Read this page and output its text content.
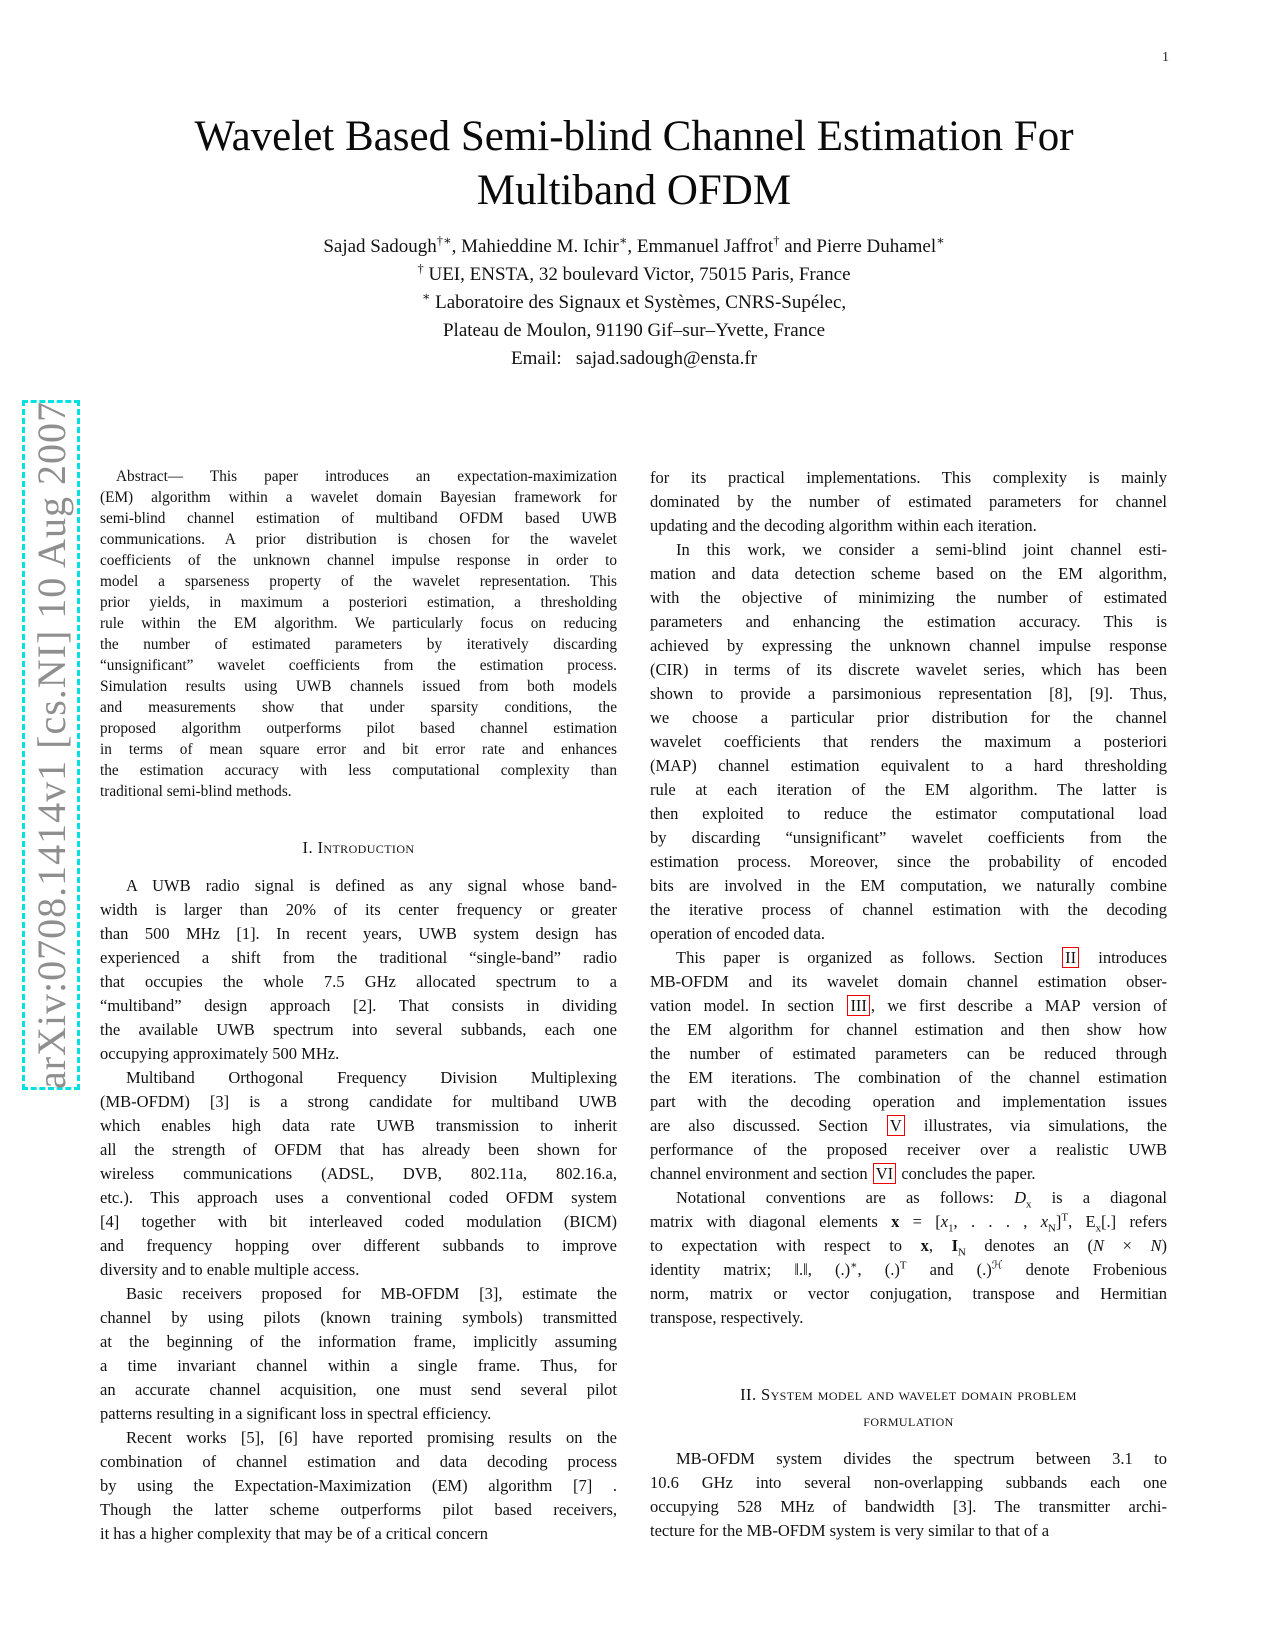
1
arXiv:0708.1414v1 [cs.NI] 10 Aug 2007
Wavelet Based Semi-blind Channel Estimation For
Multiband OFDM
Sajad Sadough†∗, Mahieddine M. Ichir∗, Emmanuel Jaffrot† and Pierre Duhamel∗
† UEI, ENSTA, 32 boulevard Victor, 75015 Paris, France
∗ Laboratoire des Signaux et Systèmes, CNRS-Supélec,
Plateau de Moulon, 91190 Gif–sur–Yvette, France
Email:   sajad.sadough@ensta.fr
Abstract— This paper introduces an expectation-maximization
(EM) algorithm within a wavelet domain Bayesian framework for
semi-blind channel estimation of multiband OFDM based UWB
communications. A prior distribution is chosen for the wavelet
coefficients of the unknown channel impulse response in order to
model a sparseness property of the wavelet representation. This
prior yields, in maximum a posteriori estimation, a thresholding
rule within the EM algorithm. We particularly focus on reducing
the number of estimated parameters by iteratively discarding
“unsignificant” wavelet coefficients from the estimation process.
Simulation results using UWB channels issued from both models
and measurements show that under sparsity conditions, the
proposed algorithm outperforms pilot based channel estimation
in terms of mean square error and bit error rate and enhances
the estimation accuracy with less computational complexity than
traditional semi-blind methods.
I. Introduction
A UWB radio signal is defined as any signal whose band-
width is larger than 20% of its center frequency or greater
than 500 MHz [1]. In recent years, UWB system design has
experienced a shift from the traditional “single-band” radio
that occupies the whole 7.5 GHz allocated spectrum to a
“multiband” design approach [2]. That consists in dividing
the available UWB spectrum into several subbands, each one
occupying approximately 500 MHz.
Multiband Orthogonal Frequency Division Multiplexing
(MB-OFDM) [3] is a strong candidate for multiband UWB
which enables high data rate UWB transmission to inherit
all the strength of OFDM that has already been shown for
wireless communications (ADSL, DVB, 802.11a, 802.16.a,
etc.). This approach uses a conventional coded OFDM system
[4] together with bit interleaved coded modulation (BICM)
and frequency hopping over different subbands to improve
diversity and to enable multiple access.
Basic receivers proposed for MB-OFDM [3], estimate the
channel by using pilots (known training symbols) transmitted
at the beginning of the information frame, implicitly assuming
a time invariant channel within a single frame. Thus, for
an accurate channel acquisition, one must send several pilot
patterns resulting in a significant loss in spectral efficiency.
Recent works [5], [6] have reported promising results on the
combination of channel estimation and data decoding process
by using the Expectation-Maximization (EM) algorithm [7] .
Though the latter scheme outperforms pilot based receivers,
it has a higher complexity that may be of a critical concern
for its practical implementations. This complexity is mainly
dominated by the number of estimated parameters for channel
updating and the decoding algorithm within each iteration.
In this work, we consider a semi-blind joint channel esti-
mation and data detection scheme based on the EM algorithm,
with the objective of minimizing the number of estimated
parameters and enhancing the estimation accuracy. This is
achieved by expressing the unknown channel impulse response
(CIR) in terms of its discrete wavelet series, which has been
shown to provide a parsimonious representation [8], [9]. Thus,
we choose a particular prior distribution for the channel
wavelet coefficients that renders the maximum a posteriori
(MAP) channel estimation equivalent to a hard thresholding
rule at each iteration of the EM algorithm. The latter is
then exploited to reduce the estimator computational load
by discarding “unsignificant” wavelet coefficients from the
estimation process. Moreover, since the probability of encoded
bits are involved in the EM computation, we naturally combine
the iterative process of channel estimation with the decoding
operation of encoded data.
This paper is organized as follows. Section II introduces
MB-OFDM and its wavelet domain channel estimation obser-
vation model. In section III , we first describe a MAP version of
the EM algorithm for channel estimation and then show how
the number of estimated parameters can be reduced through
the EM iterations. The combination of the channel estimation
part with the decoding operation and implementation issues
are also discussed. Section V illustrates, via simulations, the
performance of the proposed receiver over a realistic UWB
channel environment and section VI concludes the paper.
Notational conventions are as follows: $D_x$ is a diagonal
matrix with diagonal elements $x = [x_1$, . . . , $x_N]^T$, $E_x[.]$ refers
to expectation with respect to x, $I_N$ denotes an (N × N)
identity matrix; ‖.‖, (.)∗, (.)$^T$ and (.)$^ℋ$ denote Frobenious
norm, matrix or vector conjugation, transpose and Hermitian
transpose, respectively.
II. System model and wavelet domain problem
formulation
MB-OFDM system divides the spectrum between 3.1 to
10.6 GHz into several non-overlapping subbands each one
occupying 528 MHz of bandwidth [3]. The transmitter archi-
tecture for the MB-OFDM system is very similar to that of a
